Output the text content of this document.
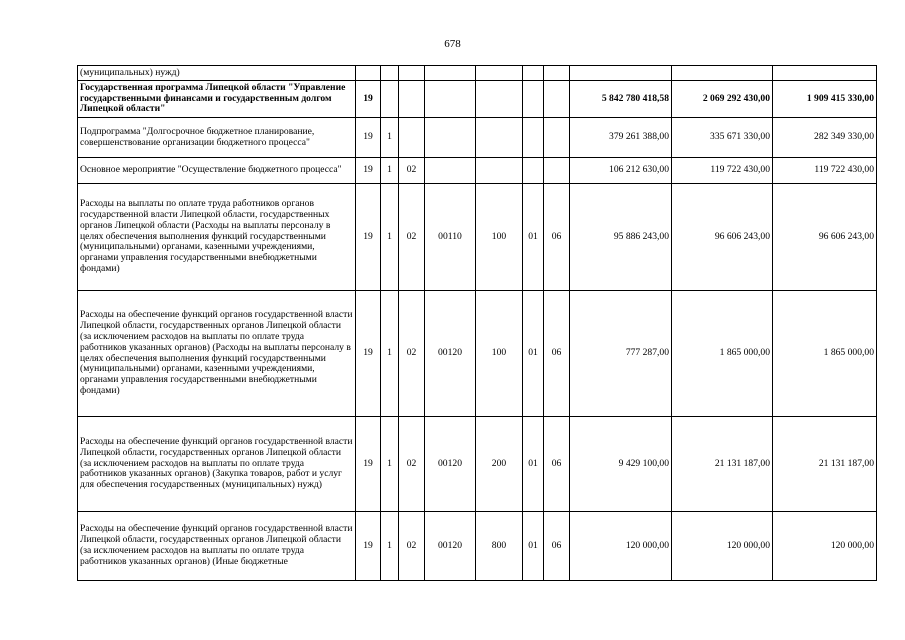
678
(муниципальных) нужд)										
Государственная программа Липецкой области "Управление государственными финансами и государственным долгом Липецкой области"	19							5 842 780 418,58	2 069 292 430,00	1 909 415 330,00
Подпрограмма "Долгосрочное бюджетное планирование, совершенствование организации бюджетного процесса"	19	1						379 261 388,00	335 671 330,00	282 349 330,00
Основное мероприятие "Осуществление бюджетного процесса"	19	1	02					106 212 630,00	119 722 430,00	119 722 430,00
Расходы на выплаты по оплате труда работников органов государственной власти Липецкой области, государственных органов Липецкой области (Расходы на выплаты персоналу в целях обеспечения выполнения функций государственными (муниципальными) органами, казенными учреждениями, органами управления государственными внебюджетными фондами)	19	1	02	00110	100	01	06	95 886 243,00	96 606 243,00	96 606 243,00
Расходы на обеспечение функций органов государственной власти Липецкой области, государственных органов Липецкой области (за исключением расходов на выплаты по оплате труда работников указанных органов) (Расходы на выплаты персоналу в целях обеспечения выполнения функций государственными (муниципальными) органами, казенными учреждениями, органами управления государственными внебюджетными фондами)	19	1	02	00120	100	01	06	777 287,00	1 865 000,00	1 865 000,00
Расходы на обеспечение функций органов государственной власти Липецкой области, государственных органов Липецкой области (за исключением расходов на выплаты по оплате труда работников указанных органов) (Закупка товаров, работ и услуг для обеспечения государственных (муниципальных) нужд)	19	1	02	00120	200	01	06	9 429 100,00	21 131 187,00	21 131 187,00
Расходы на обеспечение функций органов государственной власти Липецкой области, государственных органов Липецкой области (за исключением расходов на выплаты по оплате труда работников указанных органов) (Иные бюджетные	19	1	02	00120	800	01	06	120 000,00	120 000,00	120 000,00
